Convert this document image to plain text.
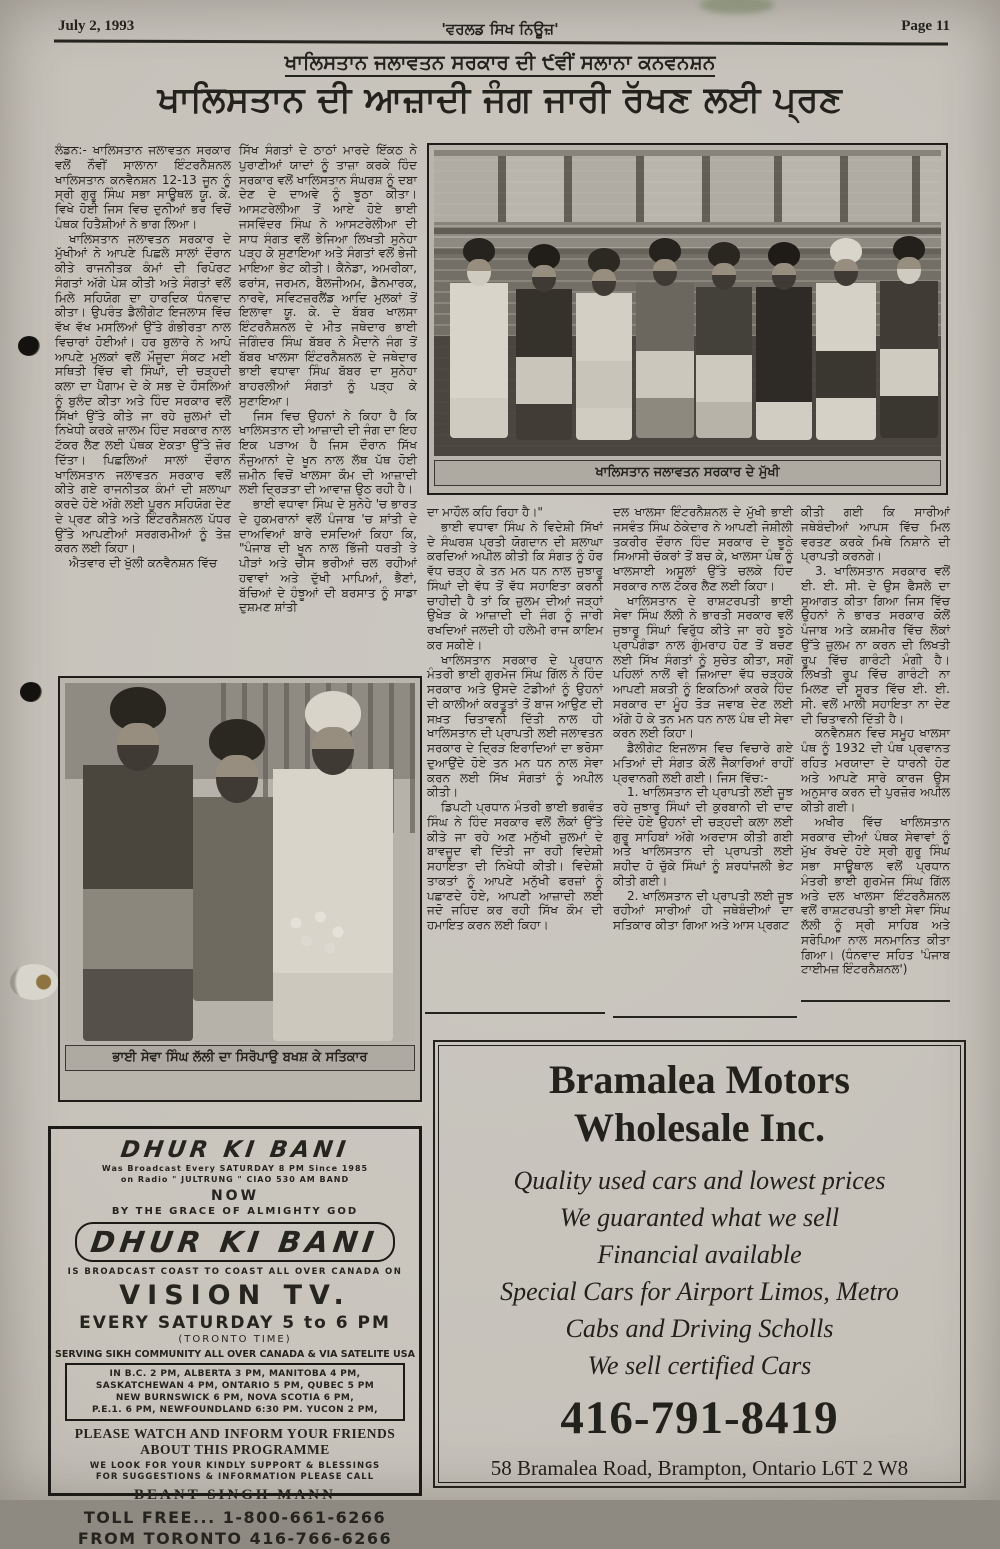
July 2, 1993	'ਵਰਲਡ ਸਿਖ ਨਿਊਜ਼'	Page 11
ਖਾਲਿਸਤਾਨ ਜਲਾਵਤਨ ਸਰਕਾਰ ਦੀ ੯ਵੀਂ ਸਲਾਨਾ ਕਨਵਨਸ਼ਨ
ਖਾਲਿਸਤਾਨ ਦੀ ਆਜ਼ਾਦੀ ਜੰਗ ਜਾਰੀ ਰੱਖਣ ਲਈ ਪ੍ਰਣ

ਲੰਡਨ:- ਖਾਲਿਸਤਾਨ ਜਲਾਵਤਨ ਸਰਕਾਰ ਵਲੋਂ ਨੌਵੀਂ ਸਾਲਾਨਾ ਇੰਟਰਨੈਸ਼ਨਲ ਖਾਲਿਸਤਾਨ ਕਨਵੈਨਸ਼ਨ 12-13 ਜੂਨ ਨੂੰ ਸ੍ਰੀ ਗੁਰੂ ਸਿੰਘ ਸਭਾ ਸਾਊਥਲ ਯੂ. ਕੇ. ਵਿਖੇ ਹੋਈ ਜਿਸ ਵਿਚ ਦੁਨੀਆਂ ਭਰ ਵਿਚੋਂ ਪੰਥਕ ਹਿਤੈਸ਼ੀਆਂ ਨੇ ਭਾਗ ਲਿਆ।

ਖਾਲਿਸਤਾਨ ਜਲਾਵਤਨ ਸਰਕਾਰ ਦੇ ਮੁੱਖੀਆਂ ਨੇ ਆਪਣੇ ਪਿਛਲੇ ਸਾਲਾਂ ਦੌਰਾਨ ਕੀਤੇ ਰਾਜਨੀਤਕ ਕੰਮਾਂ ਦੀ ਰਿਪੋਰਟ ਸੰਗਤਾਂ ਅੱਗੇ ਪੇਸ਼ ਕੀਤੀ ਅਤੇ ਸੰਗਤਾਂ ਵਲੋਂ ਮਿਲੇ ਸਹਿਯੋਗ ਦਾ ਹਾਰਦਿਕ ਧੰਨਵਾਦ ਕੀਤਾ। ਉਪਰੰਤ ਡੈਲੀਗੇਟ ਇਜਲਾਸ ਵਿੱਚ ਵੱਖ ਵੱਖ ਮਸਲਿਆਂ ਉੱਤੇ ਗੰਭੀਰਤਾ ਨਾਲ ਵਿਚਾਰਾਂ ਹੋਈਆਂ। ਹਰ ਬੁਲਾਰੇ ਨੇ ਆਪੋ ਆਪਣੇ ਮੁਲਕਾਂ ਵਲੋਂ ਮੌਜੂਦਾ ਸੰਕਟ ਮਈ ਸਥਿਤੀ ਵਿੱਚ ਵੀ ਸਿੰਘਾਂ, ਦੀ ਚੜ੍ਹਦੀ ਕਲਾ ਦਾ ਪੈਗਾਮ ਦੇ ਕੇ ਸਭ ਦੇ ਹੌਸਲਿਆਂ ਨੂੰ ਬੁਲੰਦ ਕੀਤਾ ਅਤੇ ਹਿੰਦ ਸਰਕਾਰ ਵਲੋਂ ਸਿੱਖਾਂ ਉੱਤੇ ਕੀਤੇ ਜਾ ਰਹੇ ਜ਼ੁਲਮਾਂ ਦੀ ਨਿਖੇਧੀ ਕਰਕੇ ਜ਼ਾਲਮ ਹਿੰਦ ਸਰਕਾਰ ਨਾਲ ਟੱਕਰ ਲੈਣ ਲਈ ਪੰਥਕ ਏਕਤਾ ਉੱਤੇ ਜ਼ੋਰ ਦਿੱਤਾ। ਪਿਛਲਿਆਂ ਸਾਲਾਂ ਦੌਰਾਨ ਖਾਲਿਸਤਾਨ ਜਲਾਵਤਨ ਸਰਕਾਰ ਵਲੋਂ ਕੀਤੇ ਗਏ ਰਾਜਨੀਤਕ ਕੰਮਾਂ ਦੀ ਸ਼ਲਾਘਾ ਕਰਦੇ ਹੋਏ ਅੱਗੇ ਲਈ ਪੂਰਨ ਸਹਿਯੋਗ ਦੇਣ ਦੇ ਪ੍ਰਣ ਕੀਤੇ ਅਤੇ ਇੰਟਰਨੈਸ਼ਨਲ ਪੱਧਰ ਉੱਤੇ ਆਪਣੀਆਂ ਸਰਗਰਮੀਆਂ ਨੂੰ ਤੇਜ਼ ਕਰਨ ਲਈ ਕਿਹਾ।

ਐਤਵਾਰ ਦੀ ਖੁੱਲੀ ਕਨਵੈਨਸ਼ਨ ਵਿੱਚ

ਸਿੱਖ ਸੰਗਤਾਂ ਦੇ ਠਾਠਾਂ ਮਾਰਦੇ ਇੱਕਠ ਨੇ ਪੁਰਾਣੀਆਂ ਯਾਦਾਂ ਨੂੰ ਤਾਜ਼ਾ ਕਰਕੇ ਹਿੰਦ ਸਰਕਾਰ ਵਲੋਂ ਖਾਲਿਸਤਾਨ ਸੰਘਰਸ਼ ਨੂੰ ਦਬਾ ਦੇਣ ਦੇ ਦਾਅਵੇ ਨੂੰ ਝੂਠਾ ਕੀਤਾ। ਆਸਟਰੇਲੀਆ ਤੋਂ ਆਏ ਹੋਏ ਭਾਈ ਜਸਵਿੰਦਰ ਸਿੰਘ ਨੇ ਆਸਟਰੇਲੀਆ ਦੀ ਸਾਧ ਸੰਗਤ ਵਲੋਂ ਭੇਜਿਆ ਲਿਖਤੀ ਸੁਨੇਹਾ ਪੜ੍ਹ ਕੇ ਸੁਣਾਇਆ ਅਤੇ ਸੰਗਤਾਂ ਵਲੋਂ ਭੇਜੀ ਮਾਇਆ ਭੇਟ ਕੀਤੀ। ਕੈਨੇਡਾ, ਅਮਰੀਕਾ, ਫਰਾਂਸ, ਜਰਮਨ, ਬੈਲਜੀਅਮ, ਡੈਨਮਾਰਕ, ਨਾਰਵੇ, ਸਵਿਟਜ਼ਰਲੈਂਡ ਆਦਿ ਮੁਲਕਾਂ ਤੋਂ ਇਲਾਵਾ ਯੂ. ਕੇ. ਦੇ ਬੱਬਰ ਖਾਲਸਾ ਇੰਟਰਨੈਸ਼ਨਲ ਦੇ ਮੀਤ ਜਥੇਦਾਰ ਭਾਈ ਜੋਗਿੰਦਰ ਸਿੰਘ ਬੱਬਰ ਨੇ ਮੈਦਾਨੇ ਜੰਗ ਤੋਂ ਬੱਬਰ ਖਾਲਸਾ ਇੰਟਰਨੈਸ਼ਨਲ ਦੇ ਜਥੇਦਾਰ ਭਾਈ ਵਧਾਵਾ ਸਿੰਘ ਬੱਬਰ ਦਾ ਸੁਨੇਹਾ ਬਾਹਰਲੀਆਂ ਸੰਗਤਾਂ ਨੂੰ ਪੜ੍ਹ ਕੇ ਸੁਣਾਇਆ।

ਜਿਸ ਵਿਚ ਉਹਨਾਂ ਨੇ ਕਿਹਾ ਹੈ ਕਿ ਖਾਲਿਸਤਾਨ ਦੀ ਆਜ਼ਾਦੀ ਦੀ ਜੰਗ ਦਾ ਇਹ ਇਕ ਪੜਾਅ ਹੈ ਜਿਸ ਦੌਰਾਨ ਸਿੱਖ ਨੌਜੁਆਨਾਂ ਦੇ ਖੂਨ ਨਾਲ ਲੱਥ ਪੱਥ ਹੋਈ ਜ਼ਮੀਨ ਵਿਚੋਂ ਖਾਲਸਾ ਕੌਮ ਦੀ ਆਜ਼ਾਦੀ ਲਈ ਦ੍ਰਿੜਤਾ ਦੀ ਆਵਾਜ਼ ਉਠ ਰਹੀ ਹੈ।

ਭਾਈ ਵਧਾਵਾ ਸਿੰਘ ਦੇ ਸੁਨੇਹੇ 'ਚ ਭਾਰਤ ਦੇ ਹੁਕਮਰਾਨਾਂ ਵਲੋਂ ਪੰਜਾਬ 'ਚ ਸ਼ਾਂਤੀ ਦੇ ਦਾਅਵਿਆਂ ਬਾਰੇ ਦਸਦਿਆਂ ਕਿਹਾ ਕਿ, "ਪੰਜਾਬ ਦੀ ਖੂਨ ਨਾਲ ਭਿੱਜੀ ਧਰਤੀ ਤੇ ਪੀੜਾਂ ਅਤੇ ਚੀਸ ਭਰੀਆਂ ਚਲ ਰਹੀਆਂ ਹਵਾਵਾਂ ਅਤੇ ਦੁੱਖੀ ਮਾਪਿਆਂ, ਭੈਣਾਂ, ਬੱਚਿਆਂ ਦੇ ਹੰਝੂਆਂ ਦੀ ਬਰਸਾਤ ਨੂੰ ਸਾਡਾ ਦੁਸ਼ਮਣ ਸ਼ਾਂਤੀ

ਖਾਲਿਸਤਾਨ ਜਲਾਵਤਨ ਸਰਕਾਰ ਦੇ ਮੁੱਖੀ

ਦਾ ਮਾਹੌਲ ਕਹਿ ਰਿਹਾ ਹੈ।"

ਭਾਈ ਵਧਾਵਾ ਸਿੰਘ ਨੇ ਵਿਦੇਸ਼ੀ ਸਿੱਖਾਂ ਦੇ ਸੰਘਰਸ਼ ਪ੍ਰਤੀ ਯੋਗਦਾਨ ਦੀ ਸ਼ਲਾਘਾ ਕਰਦਿਆਂ ਅਪੀਲ ਕੀਤੀ ਕਿ ਸੰਗਤ ਨੂੰ ਹੋਰ ਵੱਧ ਚੜ੍ਹ ਕੇ ਤਨ ਮਨ ਧਨ ਨਾਲ ਜੁਝਾਰੂ ਸਿੰਘਾਂ ਦੀ ਵੱਧ ਤੋਂ ਵੱਧ ਸਹਾਇਤਾ ਕਰਨੀ ਚਾਹੀਦੀ ਹੈ ਤਾਂ ਕਿ ਜ਼ੁਲਮ ਦੀਆਂ ਜੜ੍ਹਾਂ ਉਖੇੜ ਕੇ ਆਜ਼ਾਦੀ ਦੀ ਜੰਗ ਨੂੰ ਜਾਰੀ ਰਖਦਿਆਂ ਜਲਦੀ ਹੀ ਹਲੇਮੀ ਰਾਜ ਕਾਇਮ ਕਰ ਸਕੀਏ।

ਖਾਲਿਸਤਾਨ ਸਰਕਾਰ ਦੇ ਪ੍ਰਧਾਨ ਮੰਤਰੀ ਭਾਈ ਗੁਰਮੇਜ ਸਿੰਘ ਗਿੱਲ ਨੇ ਹਿੰਦ ਸਰਕਾਰ ਅਤੇ ਉਸਦੇ ਟੋਡੀਆਂ ਨੂੰ ਉਹਨਾਂ ਦੀ ਕਾਲੀਆਂ ਕਰਤੂਤਾਂ ਤੋਂ ਬਾਜ ਆਉਣ ਦੀ ਸਖ਼ਤ ਚਿਤਾਵਨੀ ਦਿੱਤੀ ਨਾਲ ਹੀ ਖਾਲਿਸਤਾਨ ਦੀ ਪ੍ਰਾਪਤੀ ਲਈ ਜਲਾਵਤਨ ਸਰਕਾਰ ਦੇ ਦ੍ਰਿੜ ਇਰਾਦਿਆਂ ਦਾ ਭਰੋਸਾ ਦੁਆਉਂਦੇ ਹੋਏ ਤਨ ਮਨ ਧਨ ਨਾਲ ਸੇਵਾ ਕਰਨ ਲਈ ਸਿੱਖ ਸੰਗਤਾਂ ਨੂੰ ਅਪੀਲ ਕੀਤੀ।

ਡਿਪਟੀ ਪ੍ਰਧਾਨ ਮੰਤਰੀ ਭਾਈ ਭਗਵੰਤ ਸਿੰਘ ਨੇ ਹਿੰਦ ਸਰਕਾਰ ਵਲੋਂ ਲੋਕਾਂ ਉੱਤੇ ਕੀਤੇ ਜਾ ਰਹੇ ਅਣ ਮਨੁੱਖੀ ਜ਼ੁਲਮਾਂ ਦੇ ਬਾਵਜੂਦ ਵੀ ਦਿੱਤੀ ਜਾ ਰਹੀ ਵਿਦੇਸ਼ੀ ਸਹਾਇਤਾ ਦੀ ਨਿਖੇਧੀ ਕੀਤੀ। ਵਿਦੇਸ਼ੀ ਤਾਕਤਾਂ ਨੂੰ ਆਪਣੇ ਮਨੁੱਖੀ ਫਰਜ਼ਾਂ ਨੂੰ ਪਛਾਣਦੇ ਹੋਏ, ਆਪਣੀ ਆਜ਼ਾਦੀ ਲਈ ਜਦੋ ਜਹਿਦ ਕਰ ਰਹੀ ਸਿੱਖ ਕੌਮ ਦੀ ਹਮਾਇਤ ਕਰਨ ਲਈ ਕਿਹਾ।

ਦਲ ਖਾਲਸਾ ਇੰਟਰਨੈਸ਼ਨਲ ਦੇ ਮੁੱਖੀ ਭਾਈ ਜਸਵੰਤ ਸਿੰਘ ਠੇਕੇਦਾਰ ਨੇ ਆਪਣੀ ਜੋਸ਼ੀਲੀ ਤਕਰੀਰ ਦੌਰਾਨ ਹਿੰਦ ਸਰਕਾਰ ਦੇ ਝੂਠੇ ਸਿਆਸੀ ਚੱਕਰਾਂ ਤੋਂ ਬਚ ਕੇ, ਖਾਲਸਾ ਪੰਥ ਨੂੰ ਖਾਲਸਾਈ ਅਸੂਲਾਂ ਉੱਤੇ ਚਲਕੇ ਹਿੰਦ ਸਰਕਾਰ ਨਾਲ ਟੱਕਰ ਲੈਣ ਲਈ ਕਿਹਾ।

ਖਾਲਿਸਤਾਨ ਦੇ ਰਾਸ਼ਟਰਪਤੀ ਭਾਈ ਸੇਵਾ ਸਿੰਘ ਲੱਲੀ ਨੇ ਭਾਰਤੀ ਸਰਕਾਰ ਵਲੋਂ ਜੁਝਾਰੂ ਸਿੰਘਾਂ ਵਿਰੁੱਧ ਕੀਤੇ ਜਾ ਰਹੇ ਝੂਠੇ ਪ੍ਰਾਪੇਗੰਡਾ ਨਾਲ ਗੁੰਮਰਾਹ ਹੋਣ ਤੋਂ ਬਚਣ ਲਈ ਸਿੱਖ ਸੰਗਤਾਂ ਨੂੰ ਸੁਚੇਤ ਕੀਤਾ, ਸਗੋਂ ਪਹਿਲਾਂ ਨਾਲੋਂ ਵੀ ਜ਼ਿਆਦਾ ਵੱਧ ਚੜ੍ਹਕੇ ਆਪਣੀ ਸ਼ਕਤੀ ਨੂੰ ਇਕਠਿਆਂ ਕਰਕੇ ਹਿੰਦ ਸਰਕਾਰ ਦਾ ਮੂੰਹ ਤੋੜ ਜਵਾਬ ਦੇਣ ਲਈ ਅੱਗੇ ਹੋ ਕੇ ਤਨ ਮਨ ਧਨ ਨਾਲ ਪੰਥ ਦੀ ਸੇਵਾ ਕਰਨ ਲਈ ਕਿਹਾ।

ਡੈਲੀਗੇਟ ਇਜਲਾਸ ਵਿਚ ਵਿਚਾਰੇ ਗਏ ਮਤਿਆਂ ਦੀ ਸੰਗਤ ਕੋਲੋਂ ਜੈਕਾਰਿਆਂ ਰਾਹੀਂ ਪ੍ਰਵਾਨਗੀ ਲਈ ਗਈ। ਜਿਸ ਵਿੱਚ:-

1. ਖਾਲਿਸਤਾਨ ਦੀ ਪ੍ਰਾਪਤੀ ਲਈ ਜੂਝ ਰਹੇ ਜੁਝਾਰੂ ਸਿੰਘਾਂ ਦੀ ਕੁਰਬਾਨੀ ਦੀ ਦਾਦ ਦਿੰਦੇ ਹੋਏ ਉਹਨਾਂ ਦੀ ਚੜ੍ਹਦੀ ਕਲਾ ਲਈ ਗੁਰੂ ਸਾਹਿਬਾਂ ਅੱਗੇ ਅਰਦਾਸ ਕੀਤੀ ਗਈ ਅਤੇ ਖਾਲਿਸਤਾਨ ਦੀ ਪ੍ਰਾਪਤੀ ਲਈ ਸ਼ਹੀਦ ਹੋ ਚੁੱਕੇ ਸਿੰਘਾਂ ਨੂੰ ਸ਼ਰਧਾਂਜਲੀ ਭੇਟ ਕੀਤੀ ਗਈ।

2. ਖਾਲਿਸਤਾਨ ਦੀ ਪ੍ਰਾਪਤੀ ਲਈ ਜੂਝ ਰਹੀਆਂ ਸਾਰੀਆਂ ਹੀ ਜਥੇਬੰਦੀਆਂ ਦਾ ਸਤਿਕਾਰ ਕੀਤਾ ਗਿਆ ਅਤੇ ਆਸ ਪ੍ਰਗਟ

ਕੀਤੀ ਗਈ ਕਿ ਸਾਰੀਆਂ ਜਥੇਬੰਦੀਆਂ ਆਪਸ ਵਿੱਚ ਮਿਲ ਵਰਤਣ ਕਰਕੇ ਮਿਥੇ ਨਿਸ਼ਾਨੇ ਦੀ ਪ੍ਰਾਪਤੀ ਕਰਨਗੇ।

3. ਖਾਲਿਸਤਾਨ ਸਰਕਾਰ ਵਲੋਂ ਈ. ਈ. ਸੀ. ਦੇ ਉਸ ਫੈਸਲੇ ਦਾ ਸੁਆਗਤ ਕੀਤਾ ਗਿਆ ਜਿਸ ਵਿੱਚ ਉਹਨਾਂ ਨੇ ਭਾਰਤ ਸਰਕਾਰ ਕੋਲੋਂ ਪੰਜਾਬ ਅਤੇ ਕਸ਼ਮੀਰ ਵਿੱਚ ਲੋਕਾਂ ਉੱਤੇ ਜ਼ੁਲਮ ਨਾ ਕਰਨ ਦੀ ਲਿਖਤੀ ਰੂਪ ਵਿੱਚ ਗਾਰੰਟੀ ਮੰਗੀ ਹੈ। ਲਿਖਤੀ ਰੂਪ ਵਿੱਚ ਗਾਰੰਟੀ ਨਾ ਮਿਲਣ ਦੀ ਸੂਰਤ ਵਿੱਚ ਈ. ਈ. ਸੀ. ਵਲੋਂ ਮਾਲੀ ਸਹਾਇਤਾ ਨਾ ਦੇਣ ਦੀ ਚਿਤਾਵਨੀ ਦਿੱਤੀ ਹੈ।

ਕਨਵੈਨਸ਼ਨ ਵਿਚ ਸਮੂਹ ਖਾਲਸਾ ਪੰਥ ਨੂੰ 1932 ਦੀ ਪੰਥ ਪ੍ਰਵਾਨਤ ਰਹਿਤ ਮਰਯਾਦਾ ਦੇ ਧਾਰਨੀ ਹੋਣ ਅਤੇ ਆਪਣੇ ਸਾਰੇ ਕਾਰਜ ਉਸ ਅਨੁਸਾਰ ਕਰਨ ਦੀ ਪੁਰਜ਼ੋਰ ਅਪੀਲ ਕੀਤੀ ਗਈ।

ਅਖੀਰ ਵਿੱਚ ਖਾਲਿਸਤਾਨ ਸਰਕਾਰ ਦੀਆਂ ਪੰਥਕ ਸੇਵਾਵਾਂ ਨੂੰ ਮੁੱਖ ਰੱਖਦੇ ਹੋਏ ਸ੍ਰੀ ਗੁਰੂ ਸਿੰਘ ਸਭਾ ਸਾਊਥਾਲ ਵਲੋਂ ਪ੍ਰਧਾਨ ਮੰਤਰੀ ਭਾਈ ਗੁਰਮੇਜ ਸਿੰਘ ਗਿੱਲ ਅਤੇ ਦਲ ਖਾਲਸਾ ਇੰਟਰਨੈਸ਼ਨਲ ਵਲੋਂ ਰਾਸ਼ਟਰਪਤੀ ਭਾਈ ਸੇਵਾ ਸਿੰਘ ਲੱਲੀ ਨੂੰ ਸ੍ਰੀ ਸਾਹਿਬ ਅਤੇ ਸਰੋਪਿਆ ਨਾਲ ਸਨਮਾਨਿਤ ਕੀਤਾ ਗਿਆ। (ਧੰਨਵਾਦ ਸਹਿਤ 'ਪੰਜਾਬ ਟਾਈਮਜ਼ ਇੰਟਰਨੈਸ਼ਨਲ')

ਭਾਈ ਸੇਵਾ ਸਿੰਘ ਲੱਲੀ ਦਾ ਸਿਰੋਪਾਉ ਬਖਸ਼ ਕੇ ਸਤਿਕਾਰ
DHUR KI BANI
Was Broadcast Every SATURDAY 8 PM Since 1985
on Radio " JULTRUNG " CIAO 530 AM BAND
NOW
BY THE GRACE OF ALMIGHTY GOD
DHUR KI BANI
IS BROADCAST COAST TO COAST ALL OVER CANADA ON
VISION TV.
EVERY SATURDAY 5 to 6 PM
(TORONTO TIME)
SERVING SIKH COMMUNITY ALL OVER CANADA & VIA SATELITE USA
IN B.C. 2 PM, ALBERTA 3 PM, MANITOBA 4 PM,
SASKATCHEWAN 4 PM, ONTARIO 5 PM, QUBEC 5 PM
NEW BURNSWICK 6 PM, NOVA SCOTIA 6 PM,
P.E.1. 6 PM, NEWFOUNDLAND 6:30 PM. YUCON 2 PM,
PLEASE WATCH AND INFORM YOUR FRIENDS ABOUT THIS PROGRAMME
WE LOOK FOR YOUR KINDLY SUPPORT & BLESSINGS
FOR SUGGESTIONS & INFORMATION PLEASE CALL
BEANT SINGH MANN
TOLL FREE... 1-800-661-6266
FROM TORONTO 416-766-6266
Bramalea Motors
Wholesale Inc.
Quality used cars and lowest prices
We guaranted what we sell
Financial available
Special Cars for Airport Limos, Metro
Cabs and Driving Scholls
We sell certified Cars
416-791-8419
58 Bramalea Road, Brampton, Ontario L6T 2 W8
